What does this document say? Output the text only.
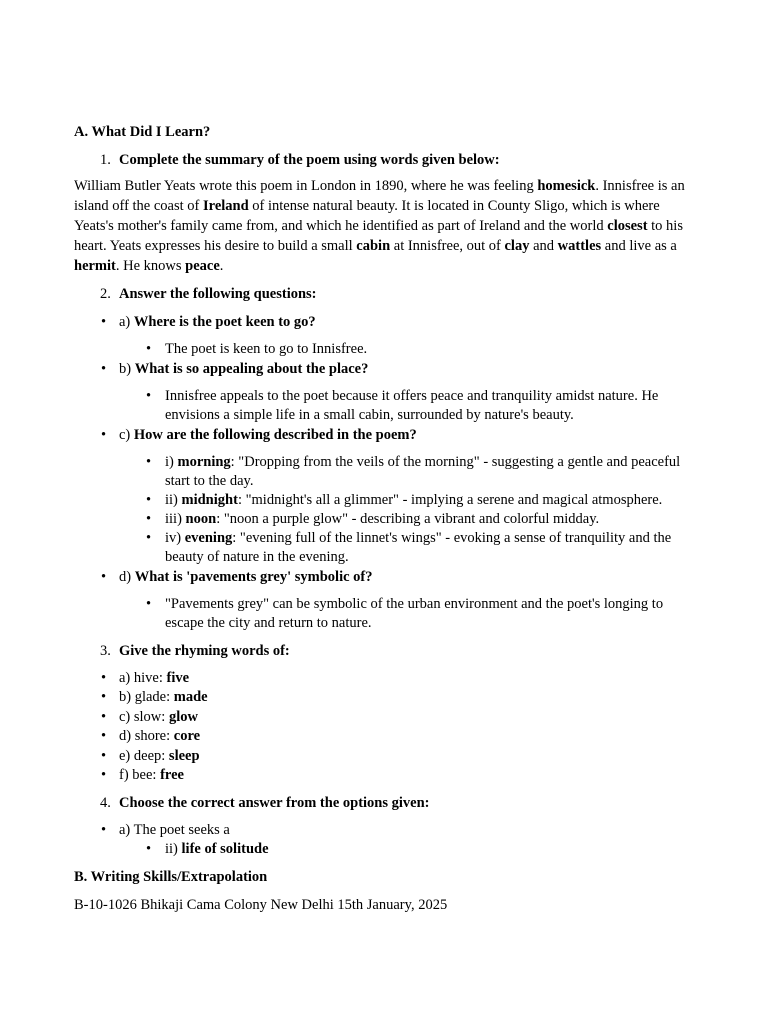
A. What Did I Learn?
1. Complete the summary of the poem using words given below:

William Butler Yeats wrote this poem in London in 1890, where he was feeling homesick. Innisfree is an island off the coast of Ireland of intense natural beauty. It is located in County Sligo, which is where Yeats's mother's family came from, and which he identified as part of Ireland and the world closest to his heart. Yeats expresses his desire to build a small cabin at Innisfree, out of clay and wattles and live as a hermit. He knows peace.

2. Answer the following questions:
• a) Where is the poet keen to go?
• The poet is keen to go to Innisfree.
• b) What is so appealing about the place?
• Innisfree appeals to the poet because it offers peace and tranquility amidst nature. He envisions a simple life in a small cabin, surrounded by nature's beauty.
• c) How are the following described in the poem?
• i) morning: "Dropping from the veils of the morning" - suggesting a gentle and peaceful start to the day.
• ii) midnight: "midnight's all a glimmer" - implying a serene and magical atmosphere.
• iii) noon: "noon a purple glow" - describing a vibrant and colorful midday.
• iv) evening: "evening full of the linnet's wings" - evoking a sense of tranquility and the beauty of nature in the evening.
• d) What is 'pavements grey' symbolic of?
• "Pavements grey" can be symbolic of the urban environment and the poet's longing to escape the city and return to nature.
3. Give the rhyming words of:
• a) hive: five
• b) glade: made
• c) slow: glow
• d) shore: core
• e) deep: sleep
• f) bee: free
4. Choose the correct answer from the options given:
• a) The poet seeks a
• ii) life of solitude
B. Writing Skills/Extrapolation

B-10-1026 Bhikaji Cama Colony New Delhi 15th January, 2025
